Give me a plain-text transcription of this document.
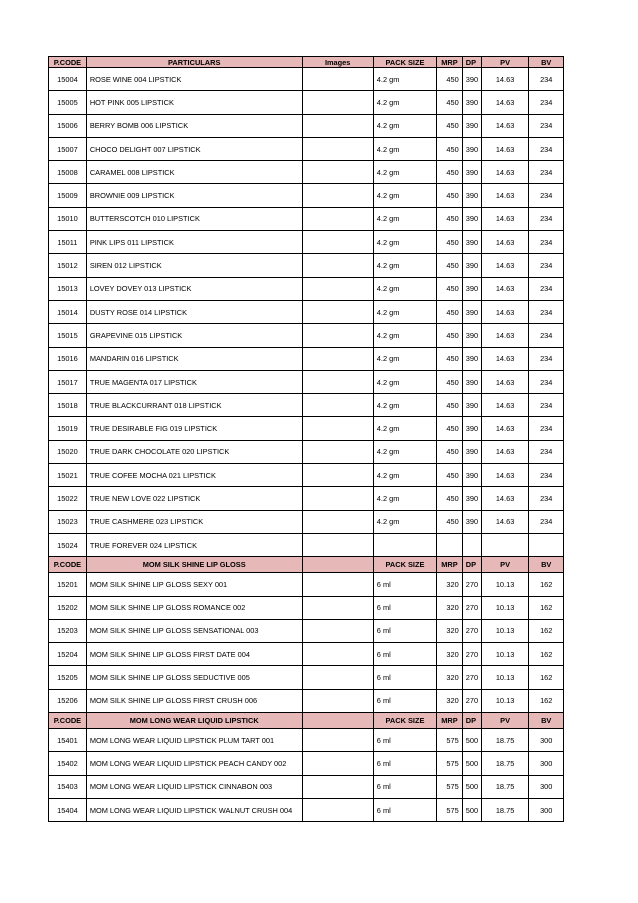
P.CODE	PARTICULARS	Images	PACK SIZE	MRP	DP	PV	BV
15004	ROSE WINE 004 LIPSTICK		4.2 gm	450	390	14.63	234
15005	HOT PINK 005 LIPSTICK		4.2 gm	450	390	14.63	234
15006	BERRY BOMB 006 LIPSTICK		4.2 gm	450	390	14.63	234
15007	CHOCO DELIGHT 007 LIPSTICK		4.2 gm	450	390	14.63	234
15008	CARAMEL 008 LIPSTICK		4.2 gm	450	390	14.63	234
15009	BROWNIE 009 LIPSTICK		4.2 gm	450	390	14.63	234
15010	BUTTERSCOTCH 010 LIPSTICK		4.2 gm	450	390	14.63	234
15011	PINK LIPS 011 LIPSTICK		4.2 gm	450	390	14.63	234
15012	SIREN 012 LIPSTICK		4.2 gm	450	390	14.63	234
15013	LOVEY DOVEY 013 LIPSTICK		4.2 gm	450	390	14.63	234
15014	DUSTY ROSE 014 LIPSTICK		4.2 gm	450	390	14.63	234
15015	GRAPEVINE 015 LIPSTICK		4.2 gm	450	390	14.63	234
15016	MANDARIN 016 LIPSTICK		4.2 gm	450	390	14.63	234
15017	TRUE MAGENTA 017 LIPSTICK		4.2 gm	450	390	14.63	234
15018	TRUE BLACKCURRANT 018 LIPSTICK		4.2 gm	450	390	14.63	234
15019	TRUE DESIRABLE FIG 019 LIPSTICK		4.2 gm	450	390	14.63	234
15020	TRUE DARK CHOCOLATE 020 LIPSTICK		4.2 gm	450	390	14.63	234
15021	TRUE COFEE MOCHA 021 LIPSTICK		4.2 gm	450	390	14.63	234
15022	TRUE NEW LOVE 022 LIPSTICK		4.2 gm	450	390	14.63	234
15023	TRUE CASHMERE 023 LIPSTICK		4.2 gm	450	390	14.63	234
15024	TRUE FOREVER 024 LIPSTICK						
P.CODE	MOM SILK SHINE LIP GLOSS		PACK SIZE	MRP	DP	PV	BV
15201	MOM SILK SHINE LIP GLOSS SEXY 001		6 ml	320	270	10.13	162
15202	MOM SILK SHINE LIP GLOSS ROMANCE 002		6 ml	320	270	10.13	162
15203	MOM SILK SHINE LIP GLOSS SENSATIONAL 003		6 ml	320	270	10.13	162
15204	MOM SILK SHINE LIP GLOSS FIRST DATE 004		6 ml	320	270	10.13	162
15205	MOM SILK SHINE LIP GLOSS SEDUCTIVE 005		6 ml	320	270	10.13	162
15206	MOM SILK SHINE LIP GLOSS FIRST CRUSH 006		6 ml	320	270	10.13	162
P.CODE	MOM LONG WEAR LIQUID LIPSTICK		PACK SIZE	MRP	DP	PV	BV
15401	MOM LONG WEAR LIQUID LIPSTICK PLUM TART 001		6 ml	575	500	18.75	300
15402	MOM LONG WEAR LIQUID LIPSTICK PEACH CANDY 002		6 ml	575	500	18.75	300
15403	MOM LONG WEAR LIQUID LIPSTICK CINNABON 003		6 ml	575	500	18.75	300
15404	MOM LONG WEAR LIQUID LIPSTICK WALNUT CRUSH 004		6 ml	575	500	18.75	300
